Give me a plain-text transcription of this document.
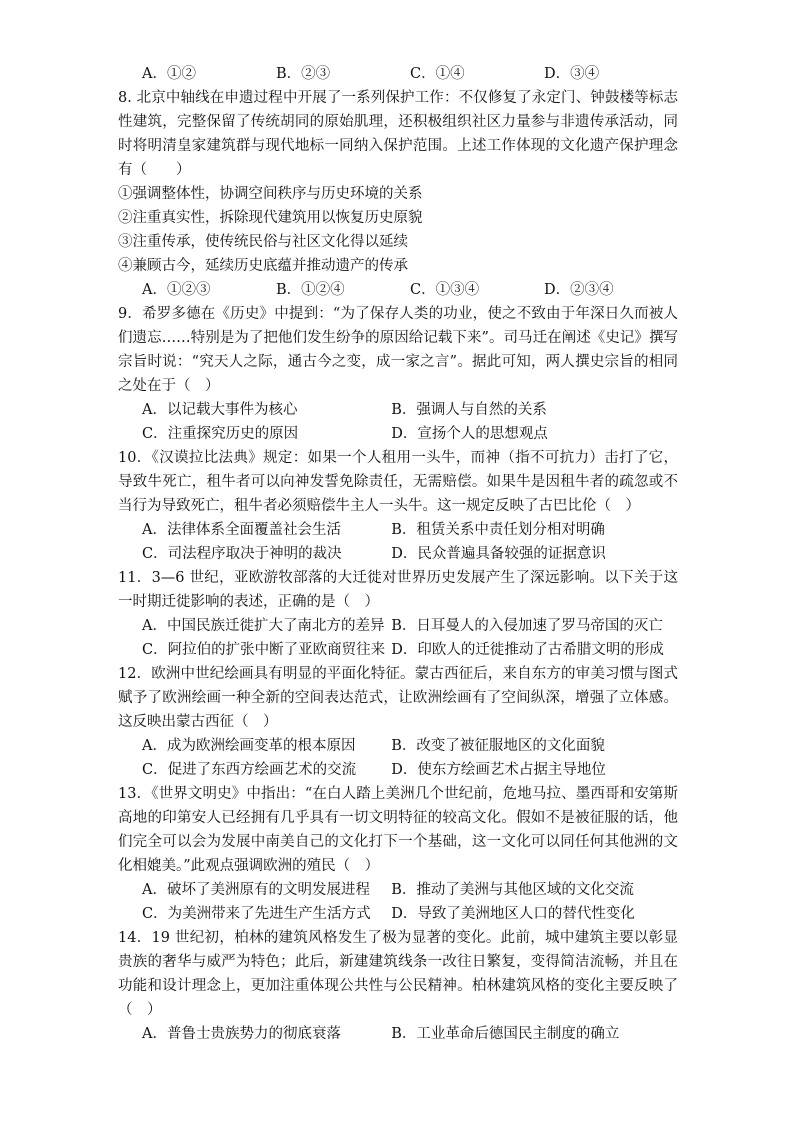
A．①②	B．②③	C．①④	D．③④
8. 北京中轴线在申遗过程中开展了一系列保护工作：不仅修复了永定门、钟鼓楼等标志性建筑，完整保留了传统胡同的原始肌理，还积极组织社区力量参与非遗传承活动，同时将明清皇家建筑群与现代地标一同纳入保护范围。上述工作体现的文化遗产保护理念有（　　）
①强调整体性，协调空间秩序与历史环境的关系
②注重真实性，拆除现代建筑用以恢复历史原貌
③注重传承，使传统民俗与社区文化得以延续
④兼顾古今，延续历史底蕴并推动遗产的传承
A．①②③	B．①②④	C．①③④	D．②③④
9．希罗多德在《历史》中提到：“为了保存人类的功业，使之不致由于年深日久而被人们遗忘……特别是为了把他们发生纷争的原因给记载下来”。司马迁在阐述《史记》撰写宗旨时说：“究天人之际，通古今之变，成一家之言”。据此可知，两人撰史宗旨的相同之处在于（　）
A．以记载大事件为核心	B．强调人与自然的关系
C．注重探究历史的原因	D．宣扬个人的思想观点
10．《汉谟拉比法典》规定：如果一个人租用一头牛，而神（指不可抗力）击打了它，导致牛死亡，租牛者可以向神发誓免除责任，无需赔偿。如果牛是因租牛者的疏忽或不当行为导致死亡，租牛者必须赔偿牛主人一头牛。这一规定反映了古巴比伦（　）
A．法律体系全面覆盖社会生活	B．租赁关系中责任划分相对明确
C．司法程序取决于神明的裁决	D．民众普遍具备较强的证据意识
11．3—6 世纪，亚欧游牧部落的大迁徙对世界历史发展产生了深远影响。以下关于这一时期迁徙影响的表述，正确的是（　）
A．中国民族迁徙扩大了南北方的差异 B．日耳曼人的入侵加速了罗马帝国的灭亡
C．阿拉伯的扩张中断了亚欧商贸往来 D．印欧人的迁徙推动了古希腊文明的形成
12．欧洲中世纪绘画具有明显的平面化特征。蒙古西征后，来自东方的审美习惯与图式赋予了欧洲绘画一种全新的空间表达范式，让欧洲绘画有了空间纵深，增强了立体感。这反映出蒙古西征（　）
A．成为欧洲绘画变革的根本原因	B．改变了被征服地区的文化面貌
C．促进了东西方绘画艺术的交流	D．使东方绘画艺术占据主导地位
13．《世界文明史》中指出：“在白人踏上美洲几个世纪前，危地马拉、墨西哥和安第斯高地的印第安人已经拥有几乎具有一切文明特征的较高文化。假如不是被征服的话，他们完全可以会为发展中南美自己的文化打下一个基础，这一文化可以同任何其他洲的文化相媲美。”此观点强调欧洲的殖民（　）
A．破坏了美洲原有的文明发展进程	B．推动了美洲与其他区域的文化交流
C．为美洲带来了先进生产生活方式	D．导致了美洲地区人口的替代性变化
14．19 世纪初，柏林的建筑风格发生了极为显著的变化。此前，城中建筑主要以彰显贵族的奢华与威严为特色；此后，新建建筑线条一改往日繁复，变得简洁流畅，并且在功能和设计理念上，更加注重体现公共性与公民精神。柏林建筑风格的变化主要反映了（　）
A．普鲁士贵族势力的彻底衰落	B．工业革命后德国民主制度的确立
